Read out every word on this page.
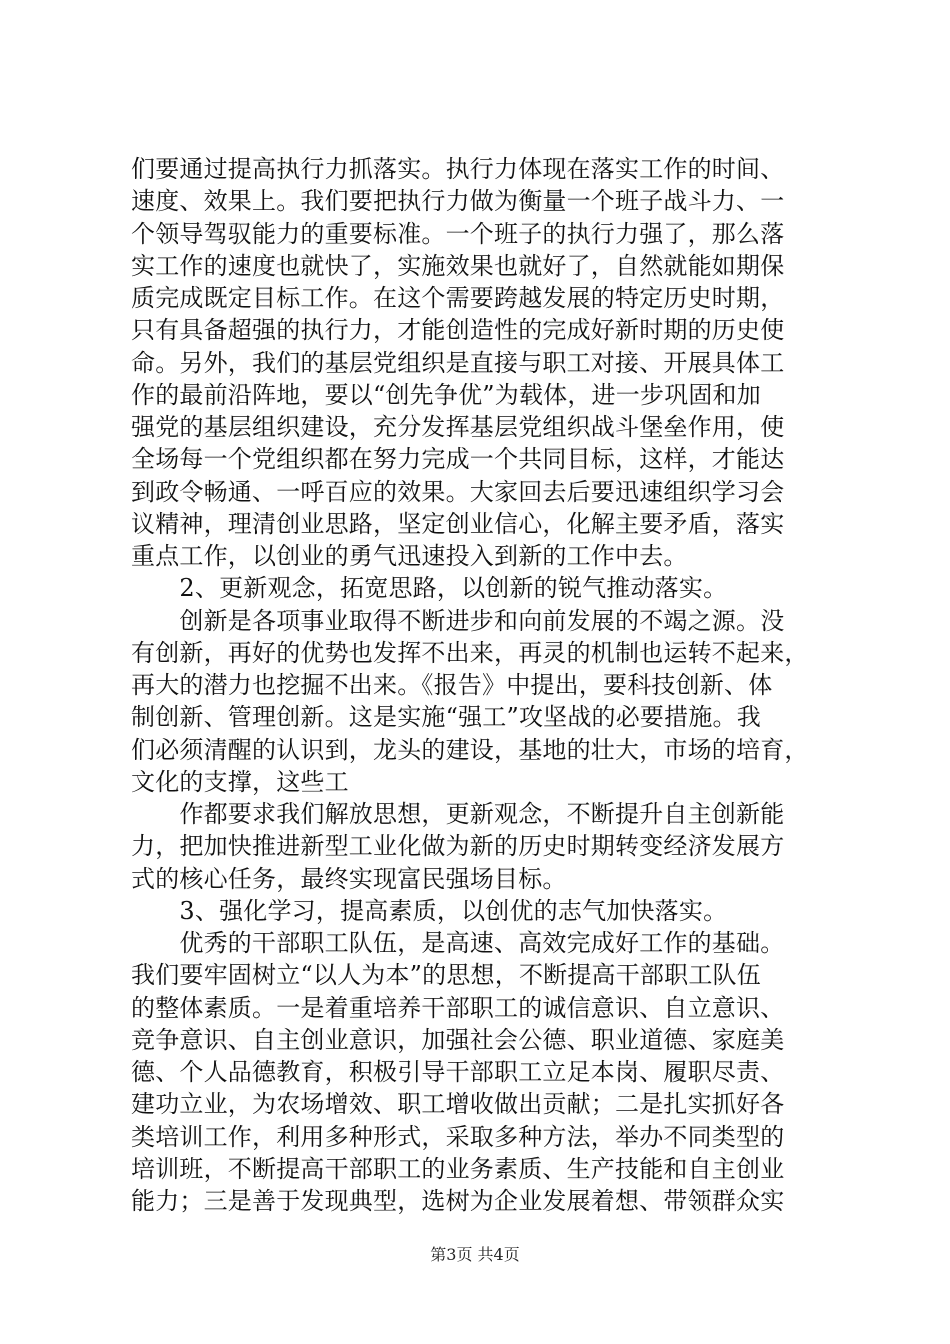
们要通过提高执行力抓落实。执行力体现在落实工作的时间、
速度、效果上。我们要把执行力做为衡量一个班子战斗力、一
个领导驾驭能力的重要标准。一个班子的执行力强了，那么落
实工作的速度也就快了，实施效果也就好了，自然就能如期保
质完成既定目标工作。在这个需要跨越发展的特定历史时期，
只有具备超强的执行力，才能创造性的完成好新时期的历史使
命。另外，我们的基层党组织是直接与职工对接、开展具体工
作的最前沿阵地，要以“创先争优”为载体，进一步巩固和加
强党的基层组织建设，充分发挥基层党组织战斗堡垒作用，使
全场每一个党组织都在努力完成一个共同目标，这样，才能达
到政令畅通、一呼百应的效果。大家回去后要迅速组织学习会
议精神，理清创业思路，坚定创业信心，化解主要矛盾，落实
重点工作，以创业的勇气迅速投入到新的工作中去。
　　2、更新观念，拓宽思路，以创新的锐气推动落实。
　　创新是各项事业取得不断进步和向前发展的不竭之源。没
有创新，再好的优势也发挥不出来，再灵的机制也运转不起来，
再大的潜力也挖掘不出来。《报告》中提出，要科技创新、体
制创新、管理创新。这是实施“强工”攻坚战的必要措施。我
们必须清醒的认识到，龙头的建设，基地的壮大，市场的培育，
文化的支撑，这些工
　　作都要求我们解放思想，更新观念，不断提升自主创新能
力，把加快推进新型工业化做为新的历史时期转变经济发展方
式的核心任务，最终实现富民强场目标。
　　3、强化学习，提高素质，以创优的志气加快落实。
　　优秀的干部职工队伍，是高速、高效完成好工作的基础。
我们要牢固树立“以人为本”的思想，不断提高干部职工队伍
的整体素质。一是着重培养干部职工的诚信意识、自立意识、
竞争意识、自主创业意识，加强社会公德、职业道德、家庭美
德、个人品德教育，积极引导干部职工立足本岗、履职尽责、
建功立业，为农场增效、职工增收做出贡献；二是扎实抓好各
类培训工作，利用多种形式，采取多种方法，举办不同类型的
培训班，不断提高干部职工的业务素质、生产技能和自主创业
能力；三是善于发现典型，选树为企业发展着想、带领群众实
第3页 共4页
